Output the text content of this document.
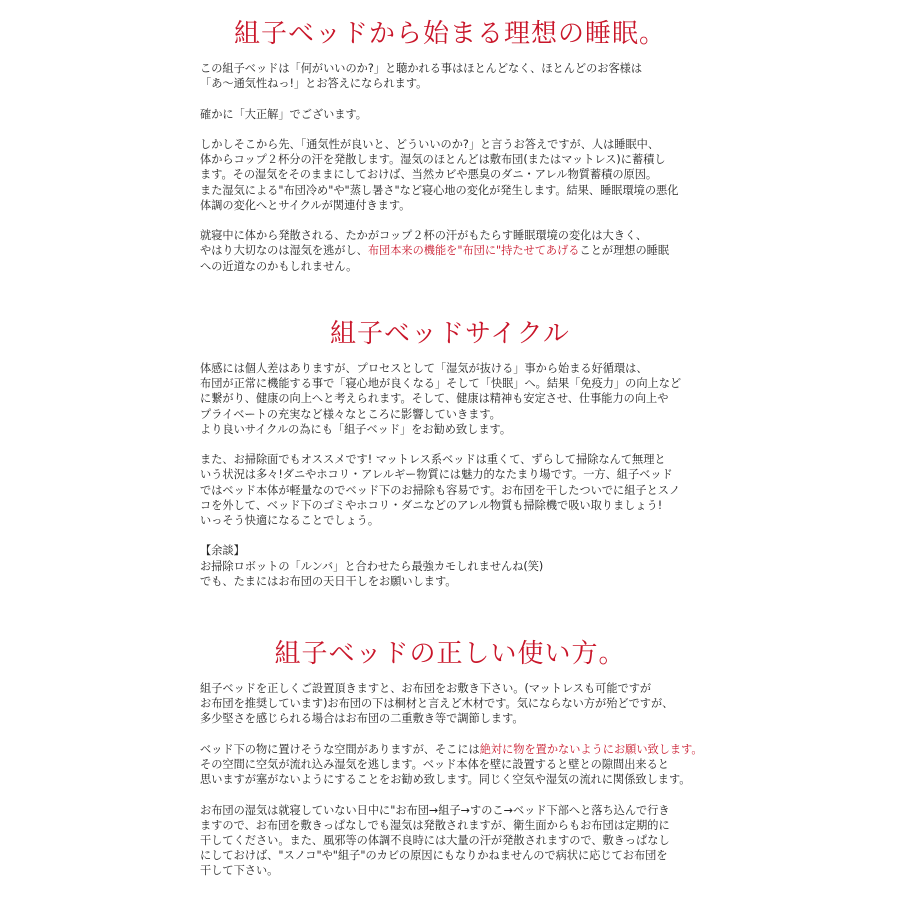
組子ベッドから始まる理想の睡眠。
この組子ベッドは「何がいいのか?」と聴かれる事はほとんどなく、ほとんどのお客様は
「あ～通気性ねっ!」とお答えになられます。
確かに「大正解」でございます。
しかしそこから先、「通気性が良いと、どういいのか?」と言うお答えですが、人は睡眠中、
体からコップ２杯分の汗を発散します。湿気のほとんどは敷布団(またはマットレス)に蓄積し
ます。その湿気をそのままにしておけば、当然カビや悪臭のダニ・アレル物質蓄積の原因。
また湿気による"布団冷め"や"蒸し暑さ"など寝心地の変化が発生します。結果、睡眠環境の悪化
体調の変化へとサイクルが関連付きます。
就寝中に体から発散される、たかがコップ２杯の汗がもたらす睡眠環境の変化は大きく、
やはり大切なのは湿気を逃がし、布団本来の機能を"布団に"持たせてあげることが理想の睡眠
への近道なのかもしれません。
組子ベッドサイクル
体感には個人差はありますが、プロセスとして「湿気が抜ける」事から始まる好循環は、
布団が正常に機能する事で「寝心地が良くなる」そして「快眠」へ。結果「免疫力」の向上など
に繋がり、健康の向上へと考えられます。そして、健康は精神も安定させ、仕事能力の向上や
プライベートの充実など様々なところに影響していきます。
より良いサイクルの為にも「組子ベッド」をお勧め致します。
また、お掃除面でもオススメです! マットレス系ベッドは重くて、ずらして掃除なんて無理と
いう状況は多々!ダニやホコリ・アレルギー物質には魅力的なたまり場です。一方、組子ベッド
ではベッド本体が軽量なのでベッド下のお掃除も容易です。お布団を干したついでに組子とスノ
コを外して、ベッド下のゴミやホコリ・ダニなどのアレル物質も掃除機で吸い取りましょう!
いっそう快適になることでしょう。
【余談】
お掃除ロボットの「ルンバ」と合わせたら最強カモしれませんね(笑)
でも、たまにはお布団の天日干しをお願いします。
組子ベッドの正しい使い方。
組子ベッドを正しくご設置頂きますと、お布団をお敷き下さい。(マットレスも可能ですが
お布団を推奨しています)お布団の下は桐材と言えど木材です。気にならない方が殆どですが、
多少堅さを感じられる場合はお布団の二重敷き等で調節します。
ベッド下の物に置けそうな空間がありますが、そこには絶対に物を置かないようにお願い致します。
その空間に空気が流れ込み湿気を逃します。ベッド本体を壁に設置すると壁との隙間出来ると
思いますが塞がないようにすることをお勧め致します。同じく空気や湿気の流れに関係致します。
お布団の湿気は就寝していない日中に"お布団→組子→すのこ→ベッド下部へと落ち込んで行き
ますので、お布団を敷きっぱなしでも湿気は発散されますが、衛生面からもお布団は定期的に
干してください。また、風邪等の体調不良時には大量の汗が発散されますので、敷きっぱなし
にしておけば、"スノコ"や"組子"のカビの原因にもなりかねませんので病状に応じてお布団を
干して下さい。
